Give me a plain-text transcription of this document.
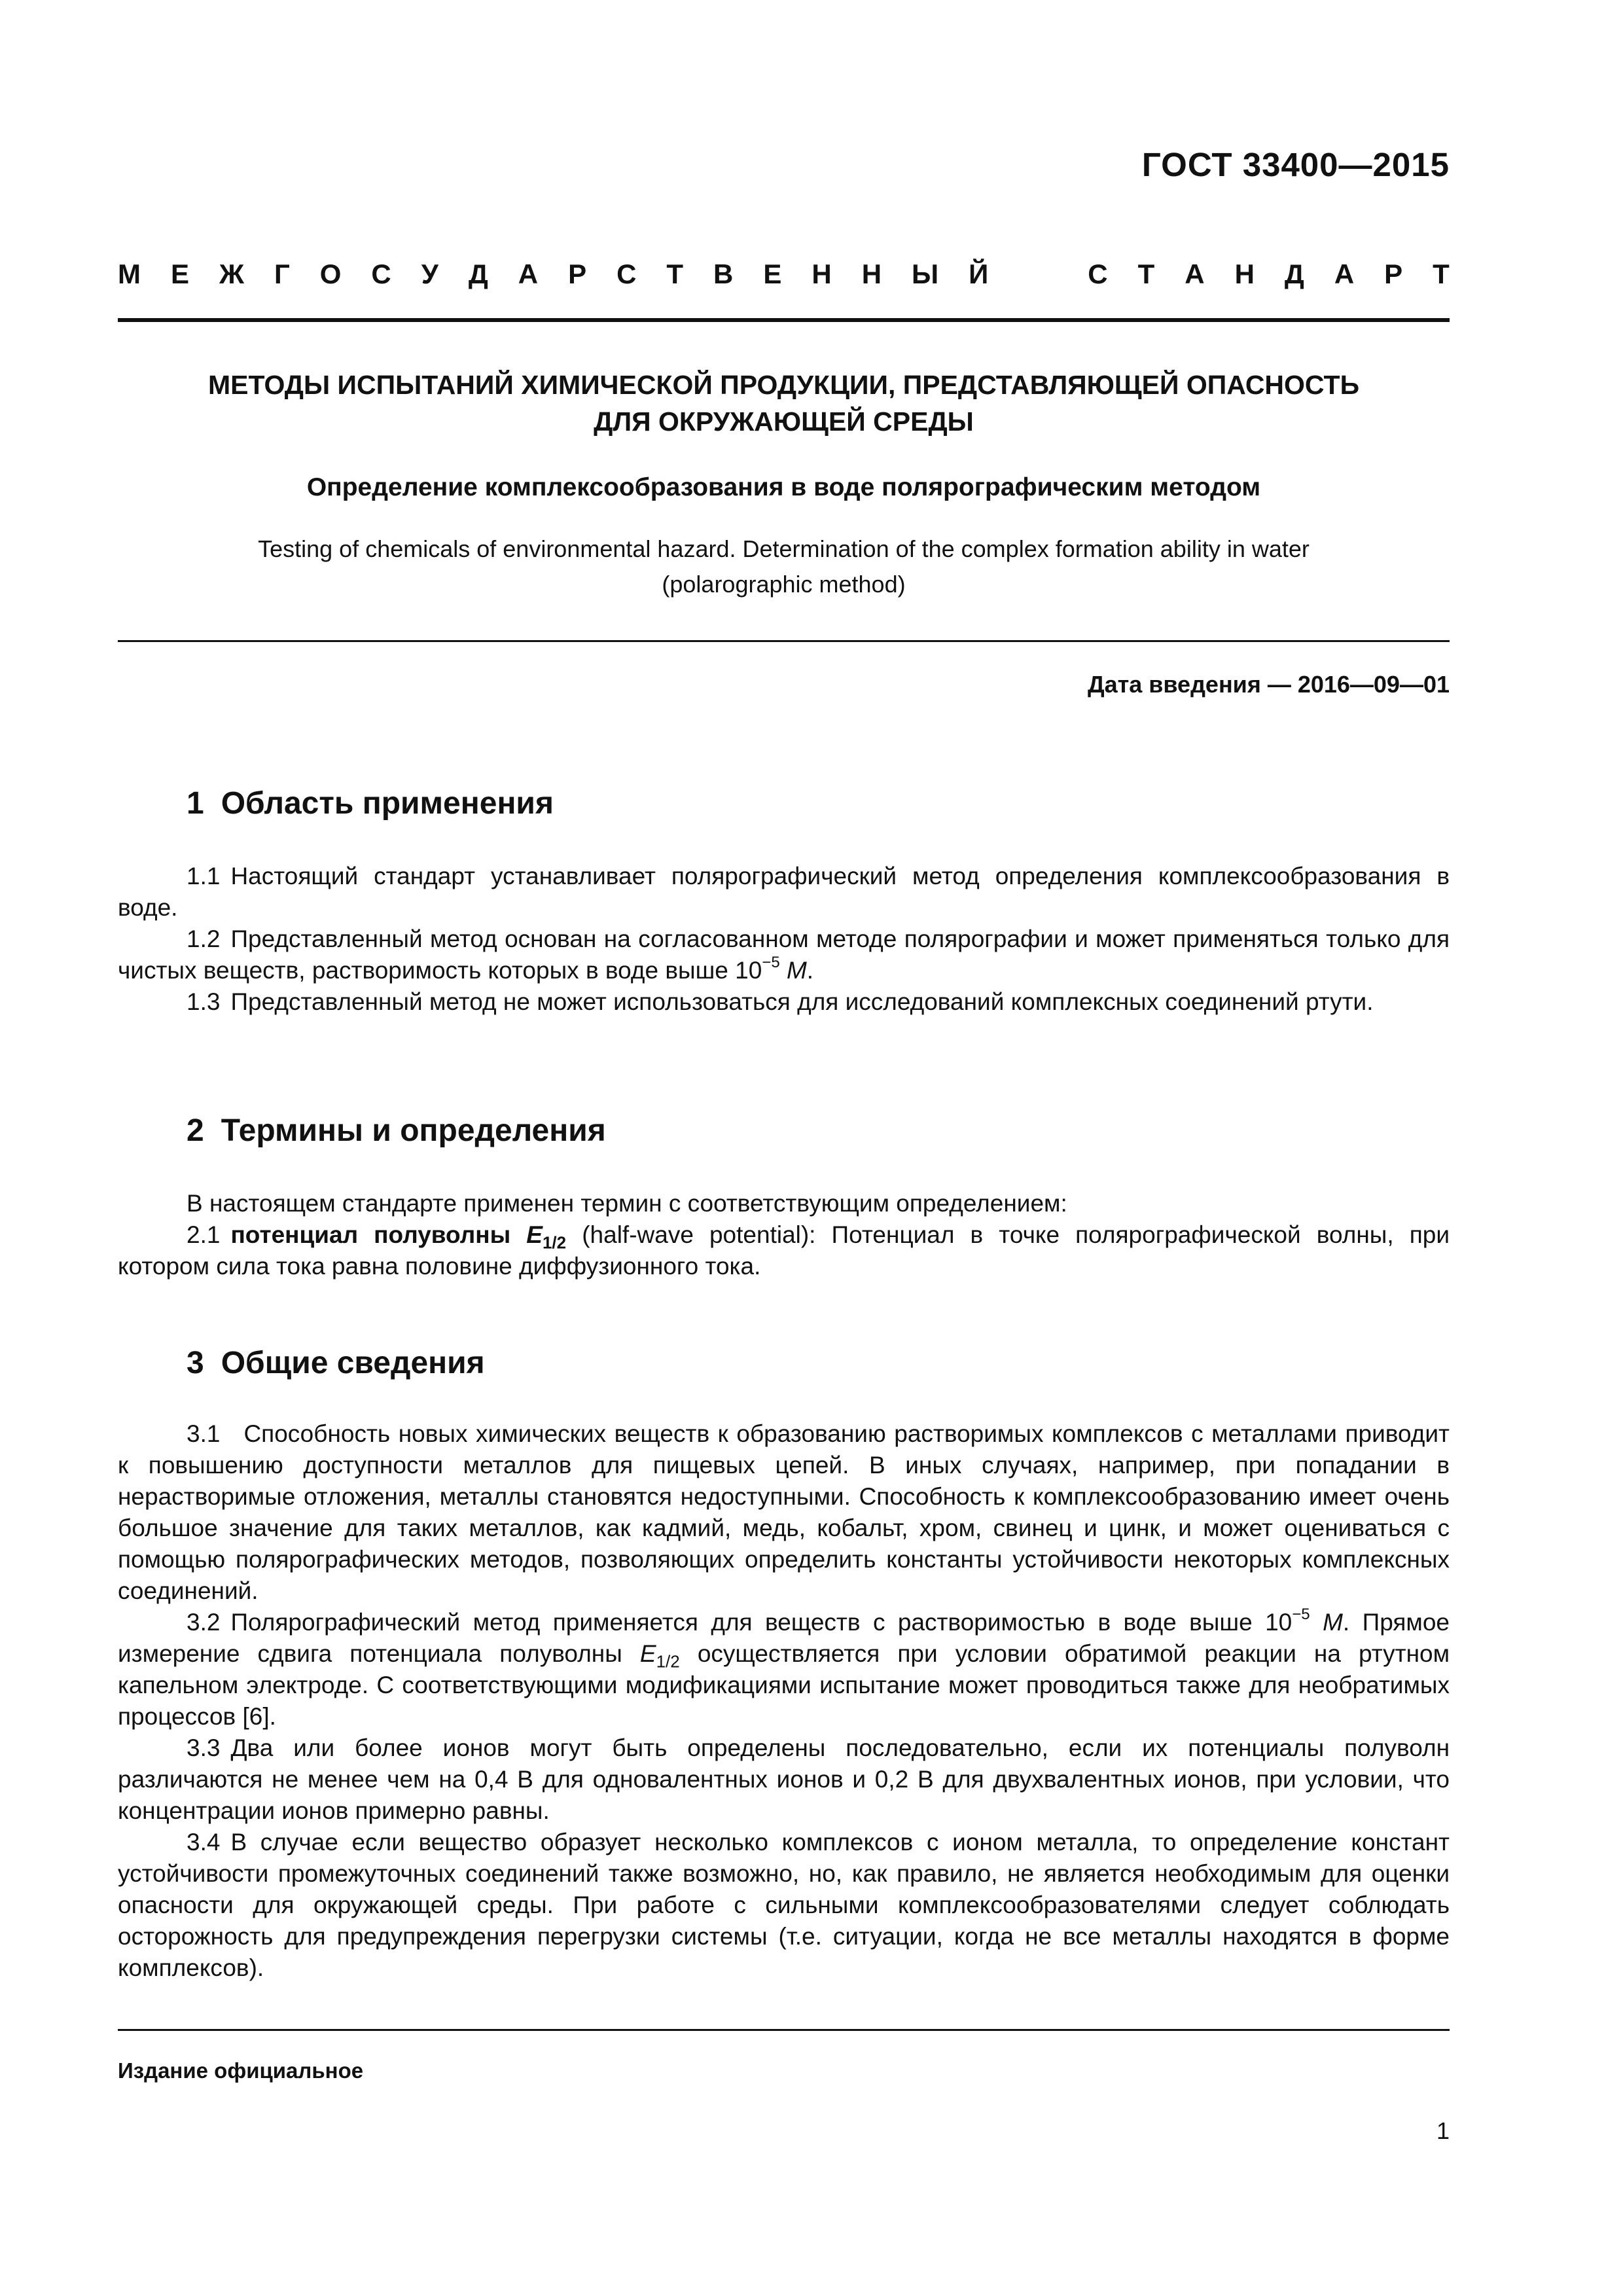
ГОСТ 33400—2015
М Е Ж Г О С У Д А Р С Т В Е Н Н Ы Й	С Т А Н Д А Р Т

МЕТОДЫ ИСПЫТАНИЙ ХИМИЧЕСКОЙ ПРОДУКЦИИ, ПРЕДСТАВЛЯЮЩЕЙ ОПАСНОСТЬ
ДЛЯ ОКРУЖАЮЩЕЙ СРЕДЫ

Определение комплексообразования в воде полярографическим методом

Testing of chemicals of environmental hazard. Determination of the complex formation ability in water
(polarographic method)

Дата введения — 2016—09—01
1 Область применения

1.1 Настоящий стандарт устанавливает полярографический метод определения комплексообразования в воде.

1.2 Представленный метод основан на согласованном методе полярографии и может применяться только для чистых веществ, растворимость которых в воде выше $10^{-5}$ M.

1.3 Представленный метод не может использоваться для исследований комплексных соединений ртути.

2 Термины и определения

В настоящем стандарте применен термин с соответствующим определением:

2.1 потенциал полуволны $E_{1/2}$ (half-wave potential): Потенциал в точке полярографической волны, при котором сила тока равна половине диффузионного тока.

3 Общие сведения

3.1 Способность новых химических веществ к образованию растворимых комплексов с металлами приводит к повышению доступности металлов для пищевых цепей. В иных случаях, например, при попадании в нерастворимые отложения, металлы становятся недоступными. Способность к комплексообразованию имеет очень большое значение для таких металлов, как кадмий, медь, кобальт, хром, свинец и цинк, и может оцениваться с помощью полярографических методов, позволяющих определить константы устойчивости некоторых комплексных соединений.

3.2 Полярографический метод применяется для веществ с растворимостью в воде выше $10^{-5}$ M. Прямое измерение сдвига потенциала полуволны $E_{1/2}$ осуществляется при условии обратимой реакции на ртутном капельном электроде. С соответствующими модификациями испытание может проводиться также для необратимых процессов [6].

3.3 Два или более ионов могут быть определены последовательно, если их потенциалы полуволн различаются не менее чем на 0,4 В для одновалентных ионов и 0,2 В для двухвалентных ионов, при условии, что концентрации ионов примерно равны.

3.4 В случае если вещество образует несколько комплексов с ионом металла, то определение констант устойчивости промежуточных соединений также возможно, но, как правило, не является необходимым для оценки опасности для окружающей среды. При работе с сильными комплексообразователями следует соблюдать осторожность для предупреждения перегрузки системы (т.е. ситуации, когда не все металлы находятся в форме комплексов).

Издание официальное
1
